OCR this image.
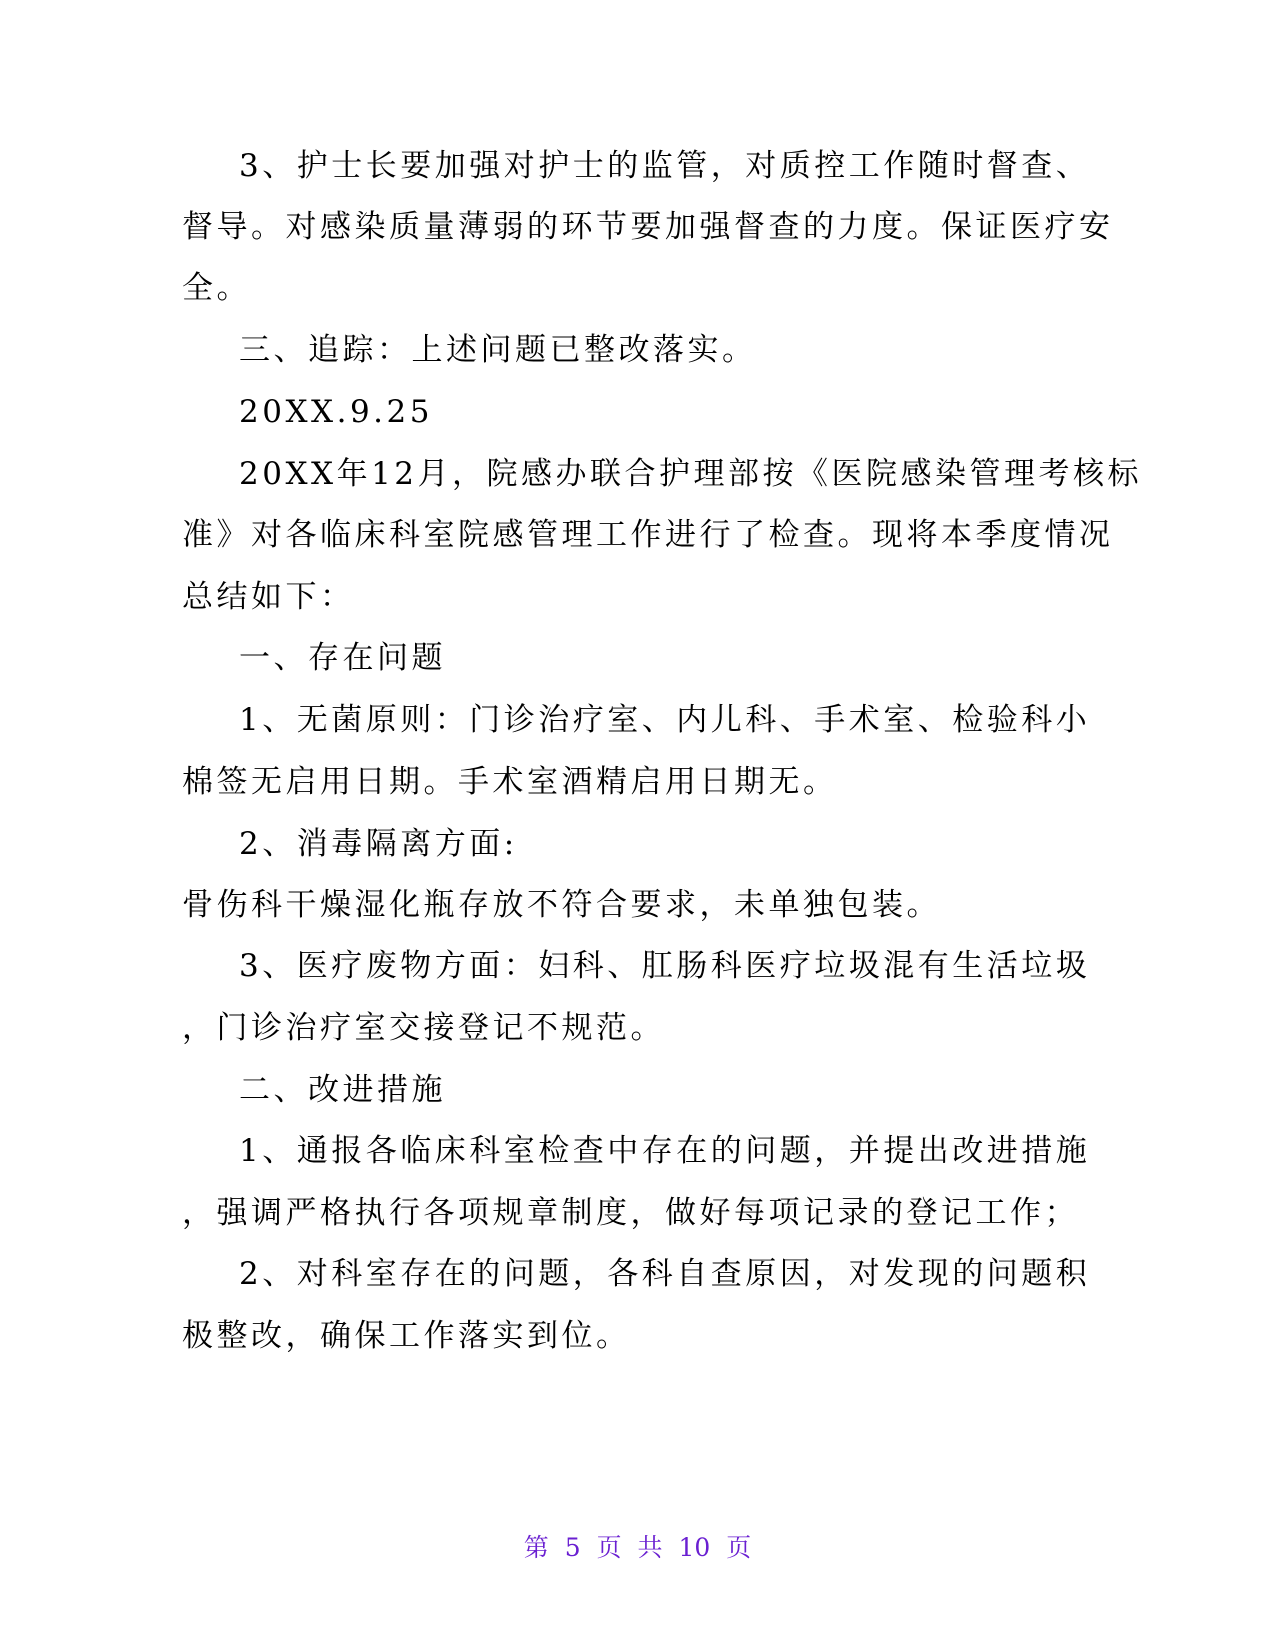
3、护士长要加强对护士的监管，对质控工作随时督查、
督导。对感染质量薄弱的环节要加强督查的力度。保证医疗安
全。
三、追踪：上述问题已整改落实。
20XX.9.25
20XX年12月，院感办联合护理部按《医院感染管理考核标
准》对各临床科室院感管理工作进行了检查。现将本季度情况
总结如下：
一、存在问题
1、无菌原则：门诊治疗室、内儿科、手术室、检验科小
棉签无启用日期。手术室酒精启用日期无。
2、消毒隔离方面:
骨伤科干燥湿化瓶存放不符合要求，未单独包装。
3、医疗废物方面：妇科、肛肠科医疗垃圾混有生活垃圾
，门诊治疗室交接登记不规范。
二、改进措施
1、通报各临床科室检查中存在的问题，并提出改进措施
，强调严格执行各项规章制度，做好每项记录的登记工作；
2、对科室存在的问题，各科自查原因，对发现的问题积
极整改，确保工作落实到位。
第 5 页 共 10 页
